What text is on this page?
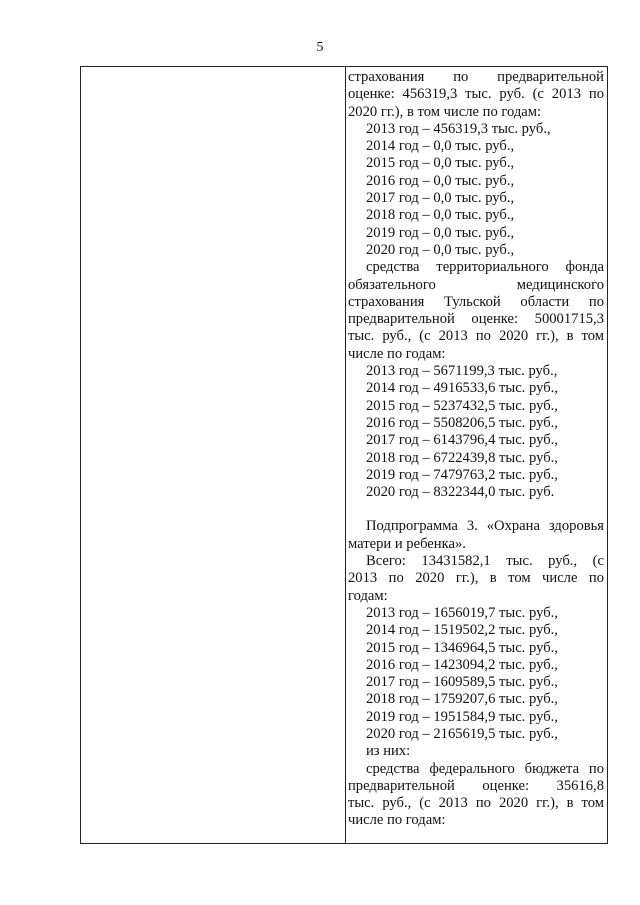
5
страхования по предварительной
оценке: 456319,3 тыс. руб. (с 2013 по
2020 гг.), в том числе по годам:
2013 год – 456319,3 тыс. руб.,
2014 год – 0,0 тыс. руб.,
2015 год – 0,0 тыс. руб.,
2016 год – 0,0 тыс. руб.,
2017 год – 0,0 тыс. руб.,
2018 год – 0,0 тыс. руб.,
2019 год – 0,0 тыс. руб.,
2020 год – 0,0 тыс. руб.,
средства территориального фонда
обязательного медицинского
страхования Тульской области по
предварительной оценке: 50001715,3
тыс. руб., (с 2013 по 2020 гг.), в том
числе по годам:
2013 год – 5671199,3 тыс. руб.,
2014 год – 4916533,6 тыс. руб.,
2015 год – 5237432,5 тыс. руб.,
2016 год – 5508206,5 тыс. руб.,
2017 год – 6143796,4 тыс. руб.,
2018 год – 6722439,8 тыс. руб.,
2019 год – 7479763,2 тыс. руб.,
2020 год – 8322344,0 тыс. руб.
Подпрограмма 3. «Охрана здоровья
матери и ребенка».
Всего: 13431582,1 тыс. руб., (с
2013 по 2020 гг.), в том числе по
годам:
2013 год – 1656019,7 тыс. руб.,
2014 год – 1519502,2 тыс. руб.,
2015 год – 1346964,5 тыс. руб.,
2016 год – 1423094,2 тыс. руб.,
2017 год – 1609589,5 тыс. руб.,
2018 год – 1759207,6 тыс. руб.,
2019 год – 1951584,9 тыс. руб.,
2020 год – 2165619,5 тыс. руб.,
из них:
средства федерального бюджета по
предварительной оценке: 35616,8
тыс. руб., (с 2013 по 2020 гг.), в том
числе по годам:
